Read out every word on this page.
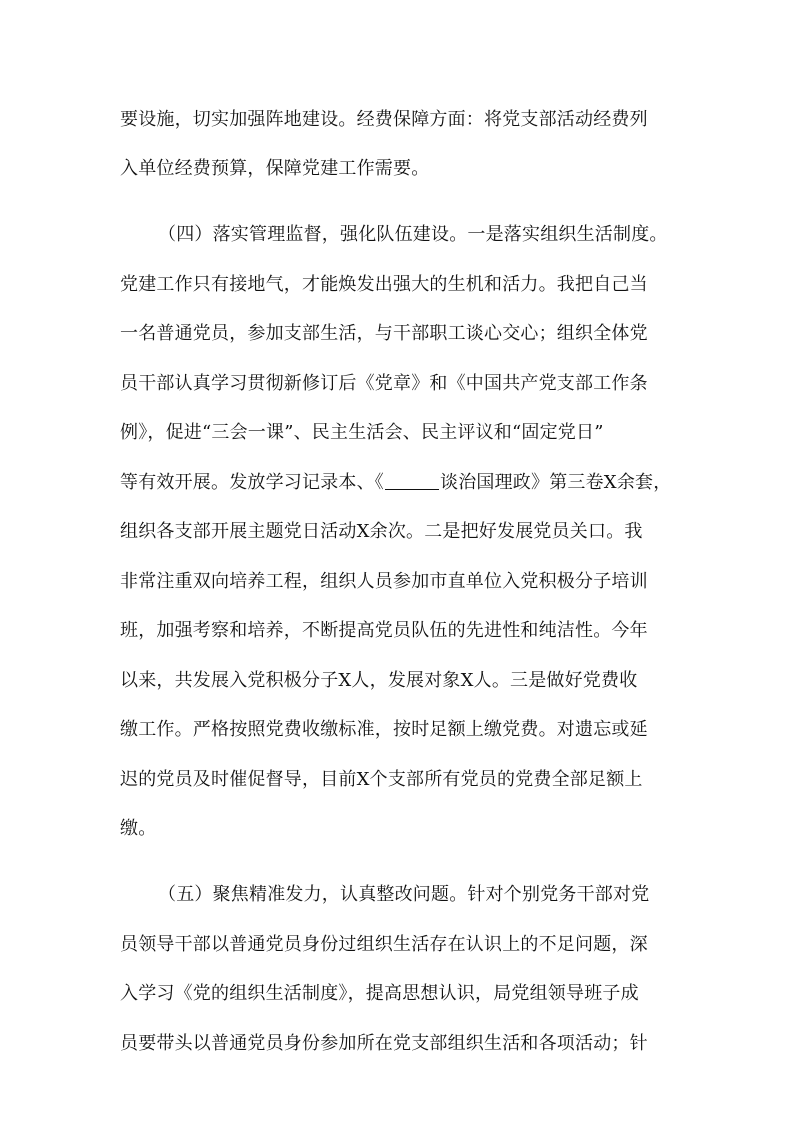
要设施，切实加强阵地建设。经费保障方面：将党支部活动经费列
入单位经费预算，保障党建工作需要。
（四）落实管理监督，强化队伍建设。一是落实组织生活制度。
党建工作只有接地气，才能焕发出强大的生机和活力。我把自己当
一名普通党员，参加支部生活，与干部职工谈心交心；组织全体党
员干部认真学习贯彻新修订后《党章》和《中国共产党支部工作条
例》，促进“三会一课”、民主生活会、民主评议和“固定党日”
等有效开展。发放学习记录本、《	谈治国理政》第三卷X余套，
组织各支部开展主题党日活动X余次。二是把好发展党员关口。我
非常注重双向培养工程，组织人员参加市直单位入党积极分子培训
班，加强考察和培养，不断提高党员队伍的先进性和纯洁性。今年
以来，共发展入党积极分子X人，发展对象X人。三是做好党费收
缴工作。严格按照党费收缴标准，按时足额上缴党费。对遗忘或延
迟的党员及时催促督导，目前X个支部所有党员的党费全部足额上
缴。
（五）聚焦精准发力，认真整改问题。针对个别党务干部对党
员领导干部以普通党员身份过组织生活存在认识上的不足问题，深
入学习《党的组织生活制度》，提高思想认识，局党组领导班子成
员要带头以普通党员身份参加所在党支部组织生活和各项活动；针
